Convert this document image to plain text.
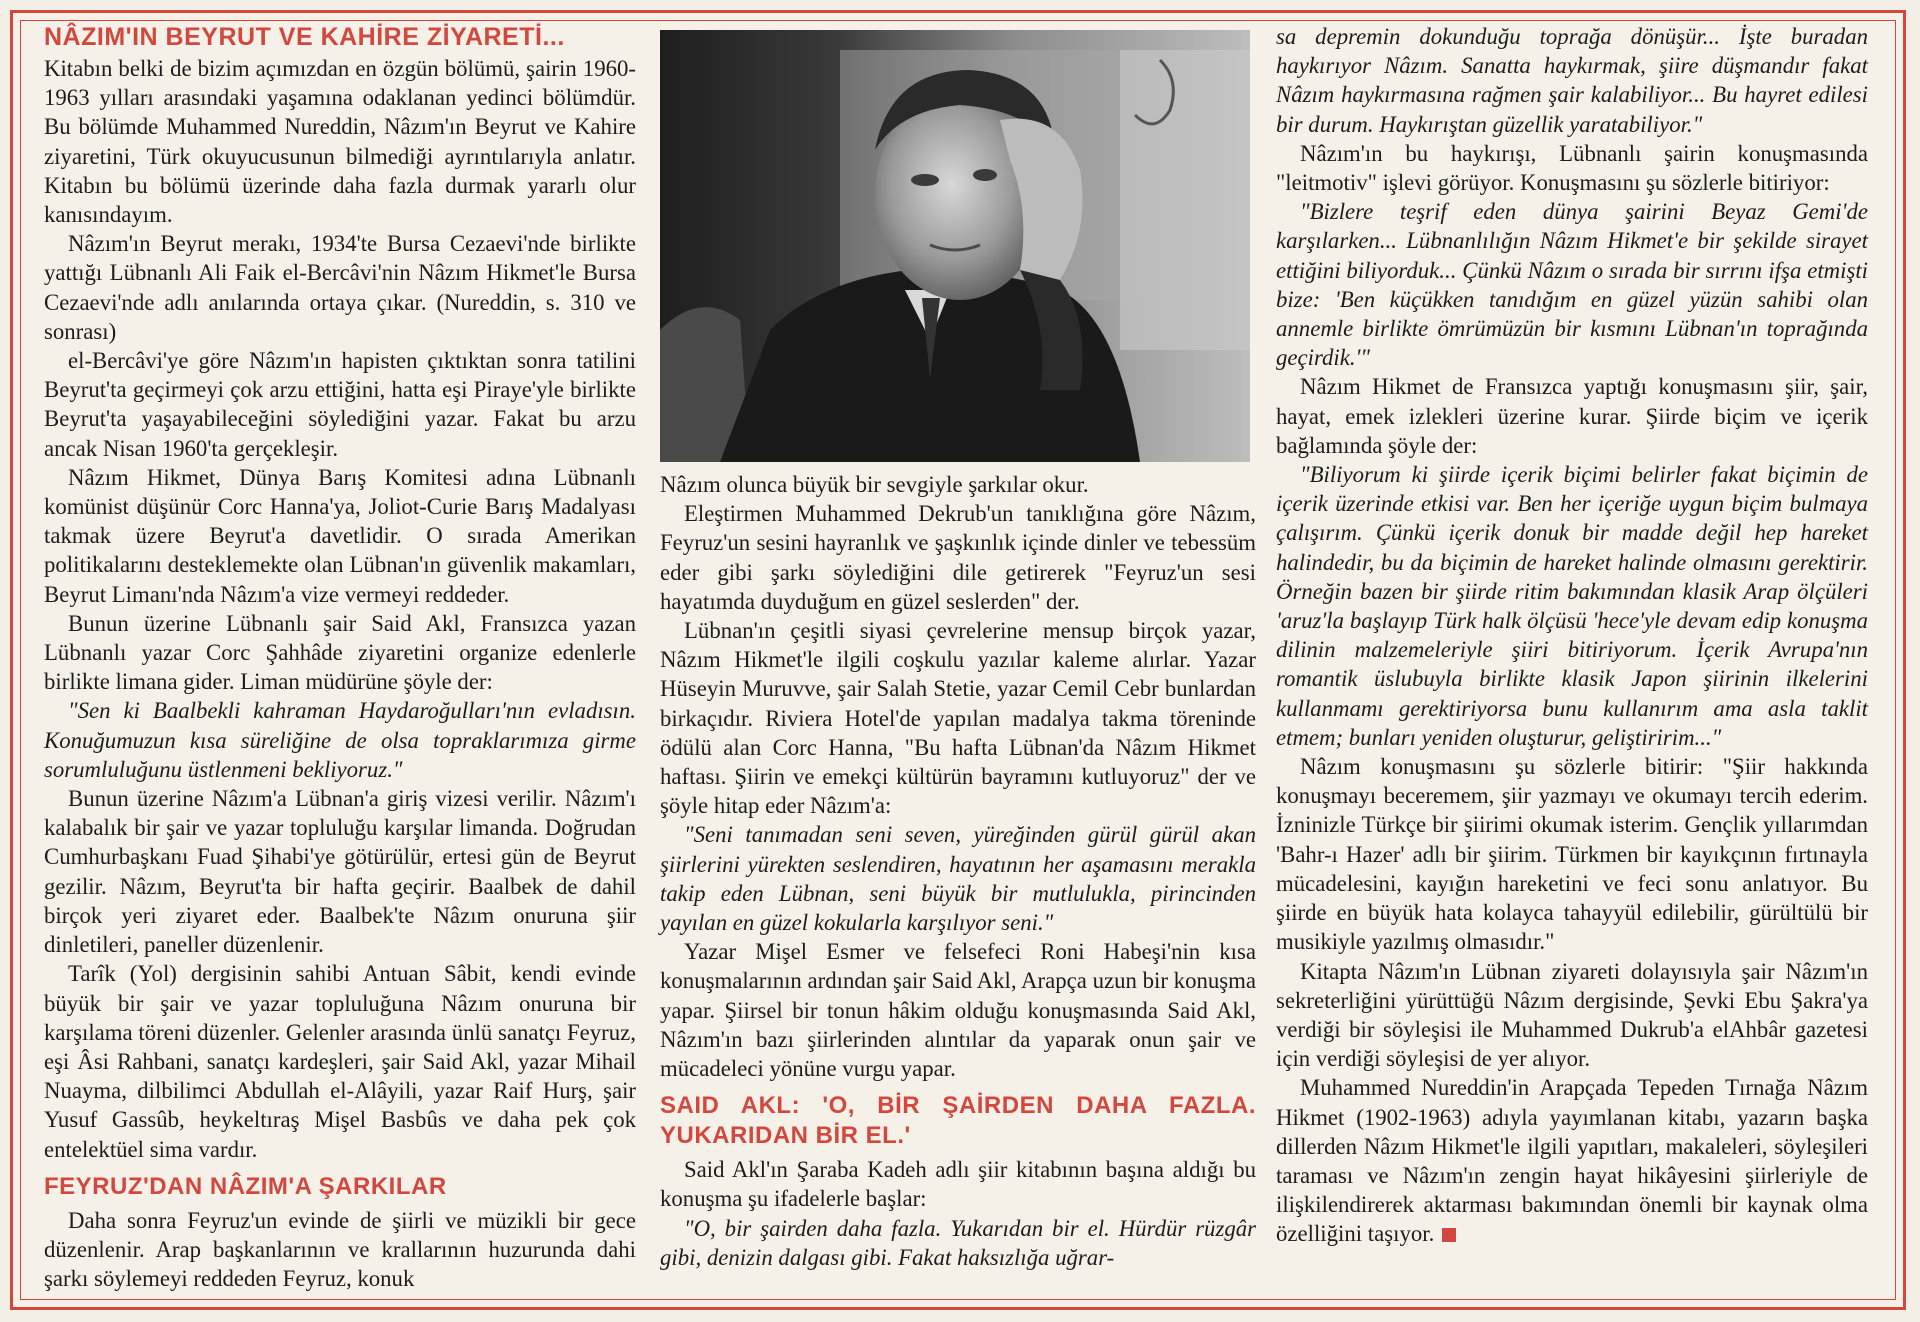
NÂZIM'IN BEYRUT VE KAHİRE ZİYARETİ...

Kitabın belki de bizim açımızdan en özgün bölümü, şairin 1960-1963 yılları arasındaki yaşamına odaklanan yedinci bölümdür. Bu bölümde Muhammed Nureddin, Nâzım'ın Beyrut ve Kahire ziyaretini, Türk okuyucusunun bilmediği ayrıntılarıyla anlatır. Kitabın bu bölümü üzerinde daha fazla durmak yararlı olur kanısındayım.

Nâzım'ın Beyrut merakı, 1934'te Bursa Cezaevi'nde birlikte yattığı Lübnanlı Ali Faik el-Bercâvi'nin Nâzım Hikmet'le Bursa Cezaevi'nde adlı anılarında ortaya çıkar. (Nureddin, s. 310 ve sonrası)

el-Bercâvi'ye göre Nâzım'ın hapisten çıktıktan sonra tatilini Beyrut'ta geçirmeyi çok arzu ettiğini, hatta eşi Piraye'yle birlikte Beyrut'ta yaşayabileceğini söylediğini yazar. Fakat bu arzu ancak Nisan 1960'ta gerçekleşir.

Nâzım Hikmet, Dünya Barış Komitesi adına Lübnanlı komünist düşünür Corc Hanna'ya, Joliot-Curie Barış Madalyası takmak üzere Beyrut'a davetlidir. O sırada Amerikan politikalarını desteklemekte olan Lübnan'ın güvenlik makamları, Beyrut Limanı'nda Nâzım'a vize vermeyi reddeder.

Bunun üzerine Lübnanlı şair Said Akl, Fransızca yazan Lübnanlı yazar Corc Şahhâde ziyaretini organize edenlerle birlikte limana gider. Liman müdürüne şöyle der:

"Sen ki Baalbekli kahraman Haydaroğulları'nın evladısın. Konuğumuzun kısa süreliğine de olsa topraklarımıza girme sorumluluğunu üstlenmeni bekliyoruz."

Bunun üzerine Nâzım'a Lübnan'a giriş vizesi verilir. Nâzım'ı kalabalık bir şair ve yazar topluluğu karşılar limanda. Doğrudan Cumhurbaşkanı Fuad Şihabi'ye götürülür, ertesi gün de Beyrut gezilir. Nâzım, Beyrut'ta bir hafta geçirir. Baalbek de dahil birçok yeri ziyaret eder. Baalbek'te Nâzım onuruna şiir dinletileri, paneller düzenlenir.

Tarîk (Yol) dergisinin sahibi Antuan Sâbit, kendi evinde büyük bir şair ve yazar topluluğuna Nâzım onuruna bir karşılama töreni düzenler. Gelenler arasında ünlü sanatçı Feyruz, eşi Âsi Rahbani, sanatçı kardeşleri, şair Said Akl, yazar Mihail Nuayma, dilbilimci Abdullah el-Alâyili, yazar Raif Hurş, şair Yusuf Gassûb, heykeltıraş Mişel Basbûs ve daha pek çok entelektüel sima vardır.

FEYRUZ'DAN NÂZIM'A ŞARKILAR

Daha sonra Feyruz'un evinde de şiirli ve müzikli bir gece düzenlenir. Arap başkanlarının ve krallarının huzurunda dahi şarkı söylemeyi reddeden Feyruz, konuk

Nâzım olunca büyük bir sevgiyle şarkılar okur.

Eleştirmen Muhammed Dekrub'un tanıklığına göre Nâzım, Feyruz'un sesini hayranlık ve şaşkınlık içinde dinler ve tebessüm eder gibi şarkı söylediğini dile getirerek "Feyruz'un sesi hayatımda duyduğum en güzel seslerden" der.

Lübnan'ın çeşitli siyasi çevrelerine mensup birçok yazar, Nâzım Hikmet'le ilgili coşkulu yazılar kaleme alırlar. Yazar Hüseyin Muruvve, şair Salah Stetie, yazar Cemil Cebr bunlardan birkaçıdır. Riviera Hotel'de yapılan madalya takma töreninde ödülü alan Corc Hanna, "Bu hafta Lübnan'da Nâzım Hikmet haftası. Şiirin ve emekçi kültürün bayramını kutluyoruz" der ve şöyle hitap eder Nâzım'a:

"Seni tanımadan seni seven, yüreğinden gürül gürül akan şiirlerini yürekten seslendiren, hayatının her aşamasını merakla takip eden Lübnan, seni büyük bir mutlulukla, pirincinden yayılan en güzel kokularla karşılıyor seni."

Yazar Mişel Esmer ve felsefeci Roni Habeşi'nin kısa konuşmalarının ardından şair Said Akl, Arapça uzun bir konuşma yapar. Şiirsel bir tonun hâkim olduğu konuşmasında Said Akl, Nâzım'ın bazı şiirlerinden alıntılar da yaparak onun şair ve mücadeleci yönüne vurgu yapar.

SAID AKL: 'O, BİR ŞAİRDEN DAHA FAZLA. YUKARIDAN BİR EL.'

Said Akl'ın Şaraba Kadeh adlı şiir kitabının başına aldığı bu konuşma şu ifadelerle başlar:

"O, bir şairden daha fazla. Yukarıdan bir el. Hürdür rüzgâr gibi, denizin dalgası gibi. Fakat haksızlığa uğrar-

sa depremin dokunduğu toprağa dönüşür... İşte buradan haykırıyor Nâzım. Sanatta haykırmak, şiire düşmandır fakat Nâzım haykırmasına rağmen şair kalabiliyor... Bu hayret edilesi bir durum. Haykırıştan güzellik yaratabiliyor."

Nâzım'ın bu haykırışı, Lübnanlı şairin konuşmasında "leitmotiv" işlevi görüyor. Konuşmasını şu sözlerle bitiriyor:

"Bizlere teşrif eden dünya şairini Beyaz Gemi'de karşılarken... Lübnanlılığın Nâzım Hikmet'e bir şekilde sirayet ettiğini biliyorduk... Çünkü Nâzım o sırada bir sırrını ifşa etmişti bize: 'Ben küçükken tanıdığım en güzel yüzün sahibi olan annemle birlikte ömrümüzün bir kısmını Lübnan'ın toprağında geçirdik.'"

Nâzım Hikmet de Fransızca yaptığı konuşmasını şiir, şair, hayat, emek izlekleri üzerine kurar. Şiirde biçim ve içerik bağlamında şöyle der:

"Biliyorum ki şiirde içerik biçimi belirler fakat biçimin de içerik üzerinde etkisi var. Ben her içeriğe uygun biçim bulmaya çalışırım. Çünkü içerik donuk bir madde değil hep hareket halindedir, bu da biçimin de hareket halinde olmasını gerektirir. Örneğin bazen bir şiirde ritim bakımından klasik Arap ölçüleri 'aruz'la başlayıp Türk halk ölçüsü 'hece'yle devam edip konuşma dilinin malzemeleriyle şiiri bitiriyorum. İçerik Avrupa'nın romantik üslubuyla birlikte klasik Japon şiirinin ilkelerini kullanmamı gerektiriyorsa bunu kullanırım ama asla taklit etmem; bunları yeniden oluşturur, geliştiririm..."

Nâzım konuşmasını şu sözlerle bitirir: "Şiir hakkında konuşmayı beceremem, şiir yazmayı ve okumayı tercih ederim. İzninizle Türkçe bir şiirimi okumak isterim. Gençlik yıllarımdan 'Bahr-ı Hazer' adlı bir şiirim. Türkmen bir kayıkçının fırtınayla mücadelesini, kayığın hareketini ve feci sonu anlatıyor. Bu şiirde en büyük hata kolayca tahayyül edilebilir, gürültülü bir musikiyle yazılmış olmasıdır."

Kitapta Nâzım'ın Lübnan ziyareti dolayısıyla şair Nâzım'ın sekreterliğini yürüttüğü Nâzım dergisinde, Şevki Ebu Şakra'ya verdiği bir söyleşisi ile Muhammed Dukrub'a elAhbâr gazetesi için verdiği söyleşisi de yer alıyor.

Muhammed Nureddin'in Arapçada Tepeden Tırnağa Nâzım Hikmet (1902-1963) adıyla yayımlanan kitabı, yazarın başka dillerden Nâzım Hikmet'le ilgili yapıtları, makaleleri, söyleşileri taraması ve Nâzım'ın zengin hayat hikâyesini şiirleriyle de ilişkilendirerek aktarması bakımından önemli bir kaynak olma özelliğini taşıyor.
